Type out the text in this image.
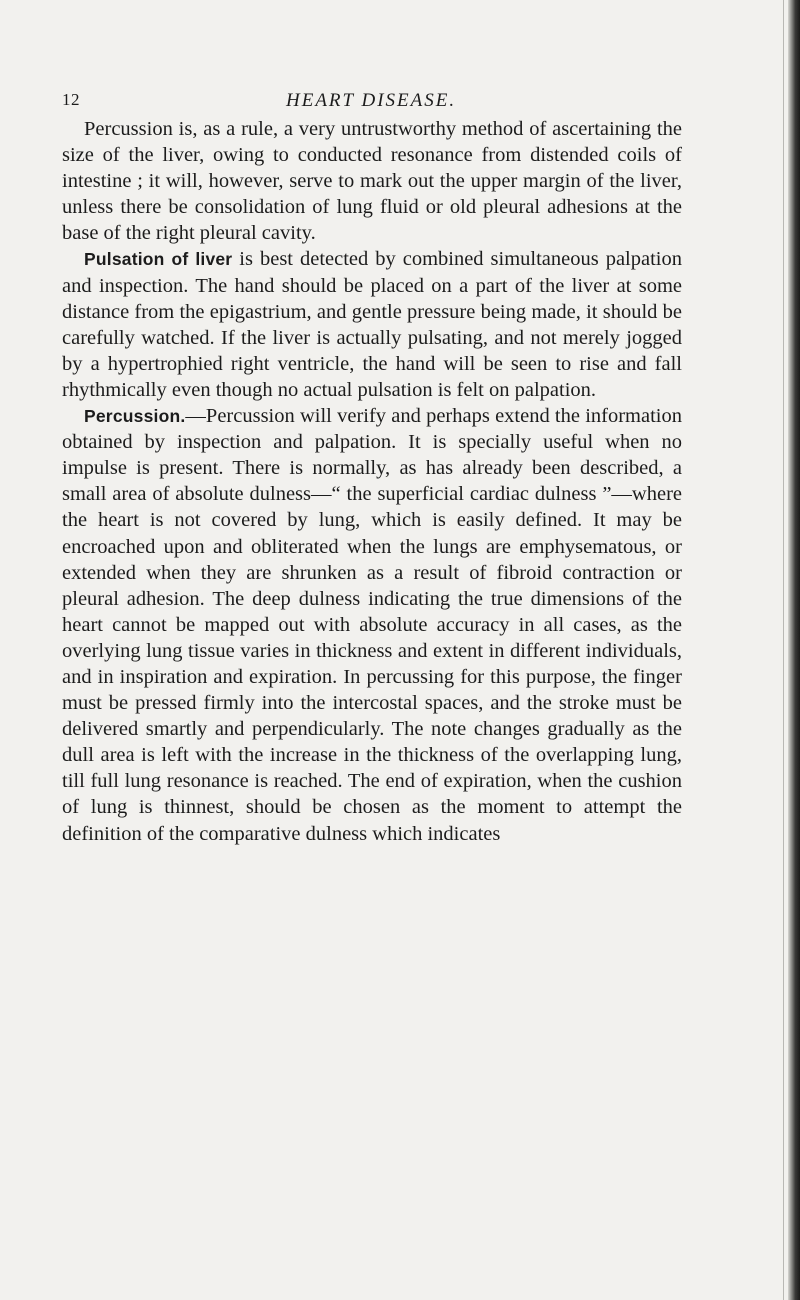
12	HEART DISEASE.

Percussion is, as a rule, a very untrustworthy method of ascertaining the size of the liver, owing to conducted resonance from distended coils of intestine ; it will, however, serve to mark out the upper margin of the liver, unless there be consolidation of lung fluid or old pleural adhesions at the base of the right pleural cavity.

Pulsation of liver is best detected by combined simultaneous palpation and inspection. The hand should be placed on a part of the liver at some distance from the epigastrium, and gentle pressure being made, it should be carefully watched. If the liver is actually pulsating, and not merely jogged by a hypertrophied right ventricle, the hand will be seen to rise and fall rhythmically even though no actual pulsation is felt on palpation.

Percussion.—Percussion will verify and perhaps extend the information obtained by inspection and palpation. It is specially useful when no impulse is present. There is normally, as has already been described, a small area of absolute dulness—“ the superficial cardiac dulness ”—where the heart is not covered by lung, which is easily defined. It may be encroached upon and obliterated when the lungs are emphysematous, or extended when they are shrunken as a result of fibroid contraction or pleural adhesion. The deep dulness indicating the true dimensions of the heart cannot be mapped out with absolute accuracy in all cases, as the overlying lung tissue varies in thickness and extent in different individuals, and in inspiration and expiration. In percussing for this purpose, the finger must be pressed firmly into the intercostal spaces, and the stroke must be delivered smartly and perpendicularly. The note changes gradually as the dull area is left with the increase in the thickness of the overlapping lung, till full lung resonance is reached. The end of expiration, when the cushion of lung is thinnest, should be chosen as the moment to attempt the definition of the comparative dulness which indicates
